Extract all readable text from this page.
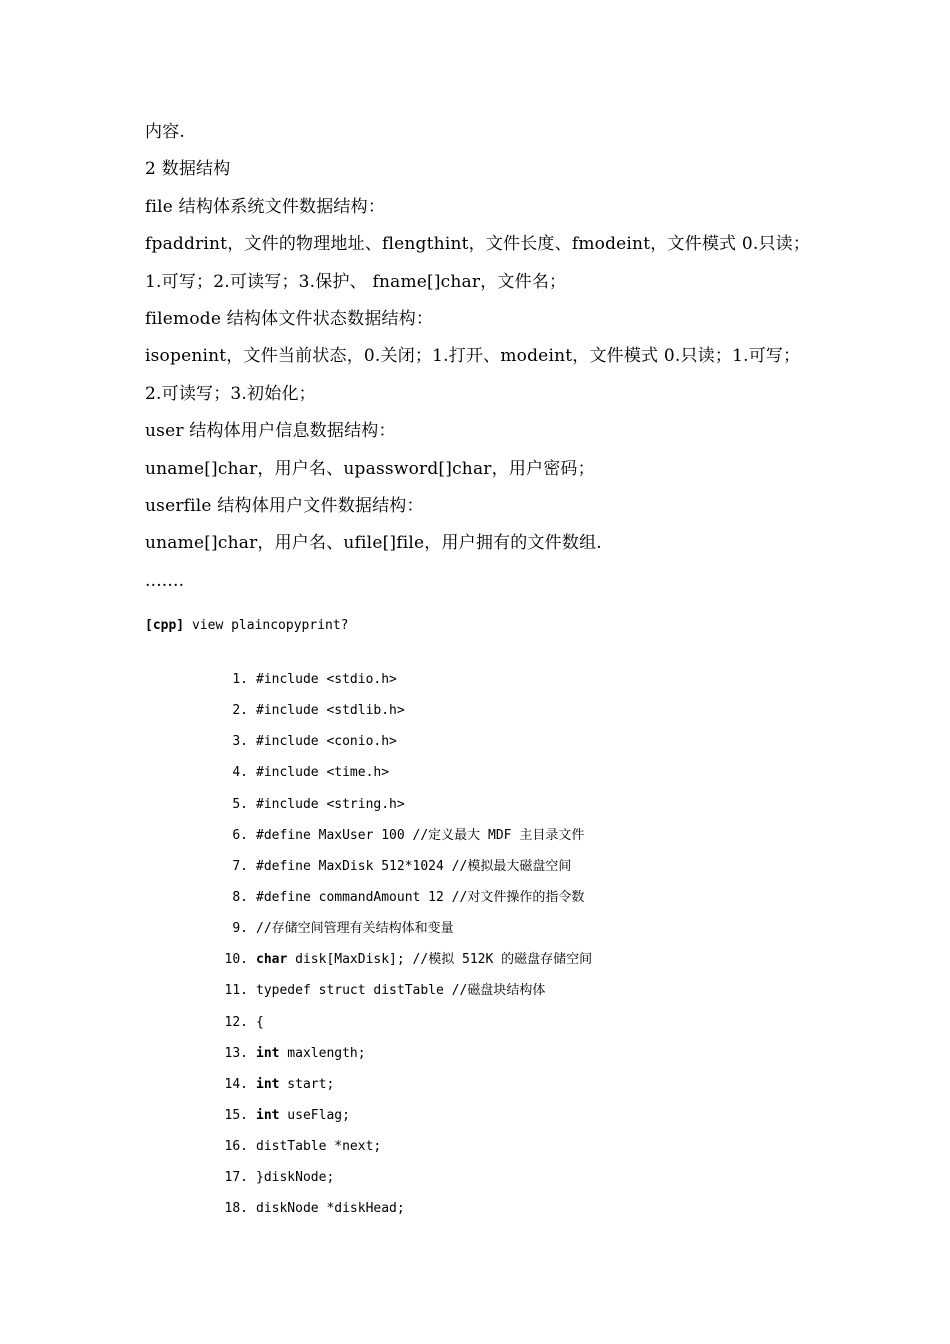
内容.

2 数据结构

file 结构体系统文件数据结构：

fpaddrint，文件的物理地址、flengthint，文件长度、fmodeint，文件模式 0.只读；

1.可写；2.可读写；3.保护、 fname[]char，文件名；

filemode 结构体文件状态数据结构：

isopenint，文件当前状态，0.关闭；1.打开、modeint，文件模式 0.只读；1.可写；

2.可读写；3.初始化；

user 结构体用户信息数据结构：

uname[]char，用户名、upassword[]char，用户密码；

userfile 结构体用户文件数据结构：

uname[]char，用户名、ufile[]file，用户拥有的文件数组.

.......

[cpp] view plaincopyprint?
1. #include <stdio.h>
2. #include <stdlib.h>
3. #include <conio.h>
4. #include <time.h>
5. #include <string.h>
6. #define MaxUser 100 //定义最大 MDF 主目录文件
7. #define MaxDisk 512*1024 //模拟最大磁盘空间
8. #define commandAmount 12 //对文件操作的指令数
9. //存储空间管理有关结构体和变量
10. char disk[MaxDisk]; //模拟 512K 的磁盘存储空间
11. typedef struct distTable //磁盘块结构体
12. {
13. int maxlength;
14. int start;
15. int useFlag;
16. distTable *next;
17. }diskNode;
18. diskNode *diskHead;
